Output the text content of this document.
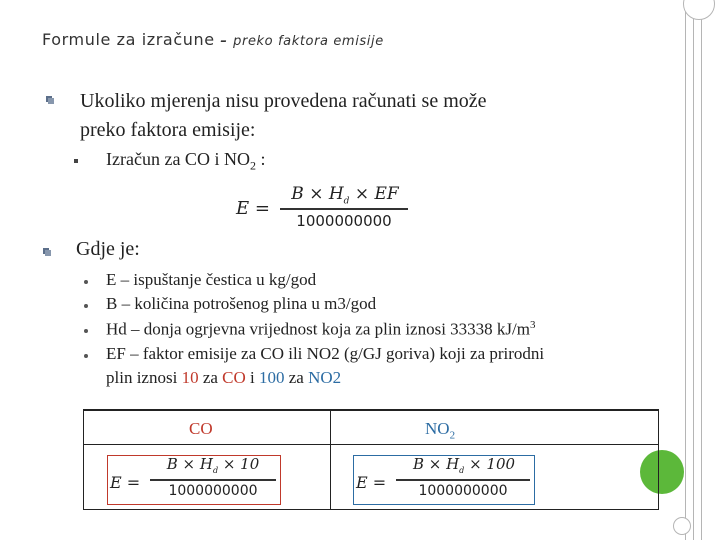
Formule za izračune – preko faktora emisije
Ukoliko mjerenja nisu provedena računati se može
preko faktora emisije:
Izračun za CO i $NO_2$ :
E =
$B \times H_d$ × EF
1000000000
Gdje je:
E – ispuštanje čestica u kg/god
B – količina potrošenog plina u m3/god
Hd – donja ogrjevna vrijednost koja za plin iznosi 33338 $kJ/m^3$
EF – faktor emisije za CO ili NO2 (g/GJ goriva) koji za prirodni
plin iznosi 10 za CO i 100 za NO2
CO	$NO_2$
E =
$B \times H_d \times 10$
1000000000	E =
$B \times H_d \times 100$
1000000000
